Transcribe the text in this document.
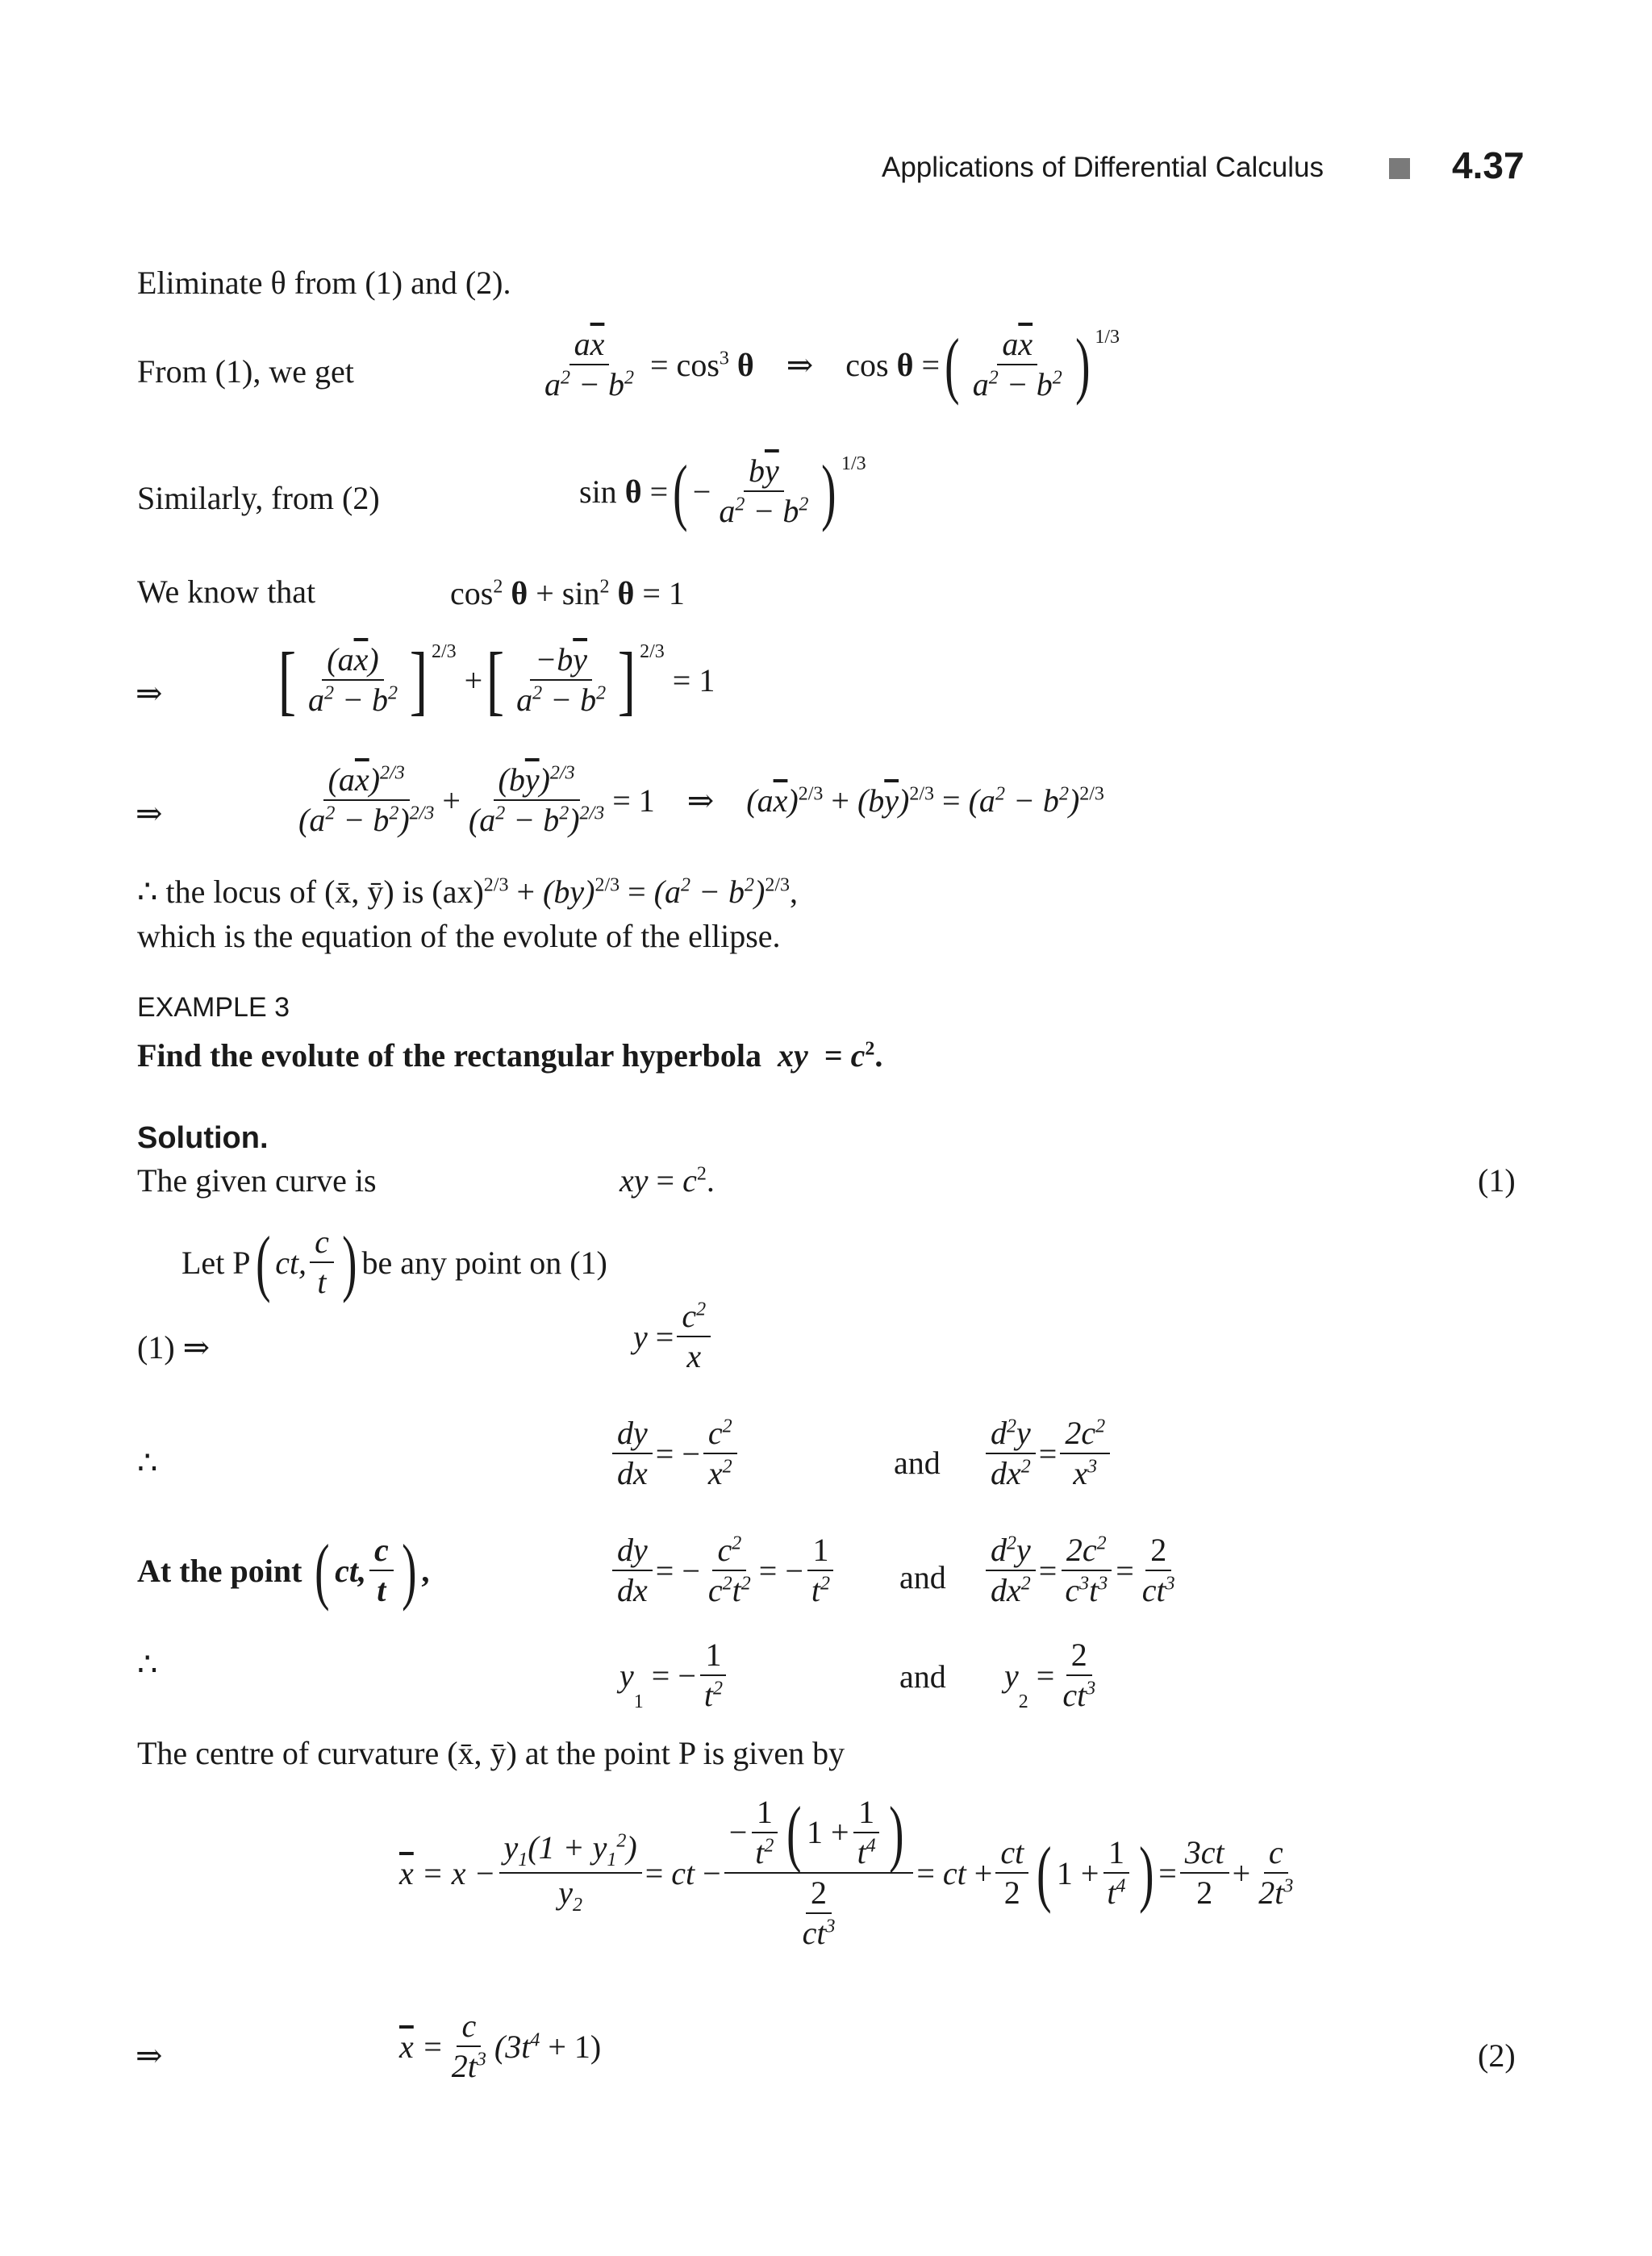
Applications of Differential Calculus	4.37
Eliminate θ from (1) and (2).
From (1), we get	$\frac{a\overline{x}}{a^2 - b^2} = \cos^3 \theta$    ⇒    cos θ = ( $\frac{a\overline{x}}{a^2 - b^2}$ ) $^{1/3}$
Similarly, from (2)	sin θ = ( − $\frac{b\overline{y}}{a^2 - b^2}$ ) $^{1/3}$
We know that	$\cos^2 \theta + \sin^2 \theta = 1$
⇒ [ $\frac{(a\overline{x})}{a^2 - b^2} ]^{2/3}$
+ [ $\frac{-b\overline{y}}{a^2 - b^2} ]^{2/3}$
= 1
⇒	$\frac{(a\overline{x})^{2/3}}{(a^2 - b^2)^{2/3}} + \frac{(b\overline{y})^{2/3}}{(a^2 - b^2)^{2/3}} = 1$    ⇒    $(a\overline{x})^{2/3} + (b\overline{y})^{2/3} = (a^2 - b^2)^{2/3}$
∴ the locus of (x̄, ȳ) is $(ax)^{2/3} + (by)^{2/3} = (a^2 - b^2)^{2/3}$,
which is the equation of the evolute of the ellipse.
EXAMPLE 3
Find the evolute of the rectangular hyperbola xy  = $c^2$.
Solution.
The given curve is	xy = $c^2$.	(1)
Let P ( ct, $\frac{c}{t}$ ) be any point on (1)
(1) ⇒	$y = \frac{c^2}{x}$
∴	$\frac{dy}{dx}$ = − $\frac{c^2}{x^2}$	and $\frac{d^2y}{dx^2} = \frac{2c^2}{x^3}$
At the point
( ct, $\frac{c}{t}$ ) ,	$\frac{dy}{dx}$ = − $\frac{c^2}{c^2t^2}$ = − $\frac{1}{t^2}$ and $\frac{d^2y}{dx^2} = \frac{2c^2}{c^3t^3} = \frac{2}{ct^3}$
∴	y
$_1$
= − $\frac{1}{t^2}$	and y
$_2$
= $\frac{2}{ct^3}$
The centre of curvature (x̄, ȳ) at the point P is given by
$\overline{x} = x - \frac{y_1(1 + y_1^2)}{y_2}$ = ct − $\frac{- \frac{1}{t^2} ( 1 + \frac{1}{t^4} )}{\frac{2}{ct^3}}$ = ct + $\frac{ct}{2}$ ( $1 + \frac{1}{t^4}$ ) = $\frac{3ct}{2} + \frac{c}{2t^3}$
⇒	$\overline{x} = \frac{c}{2t^3} (3t^4 + 1)$	(2)
